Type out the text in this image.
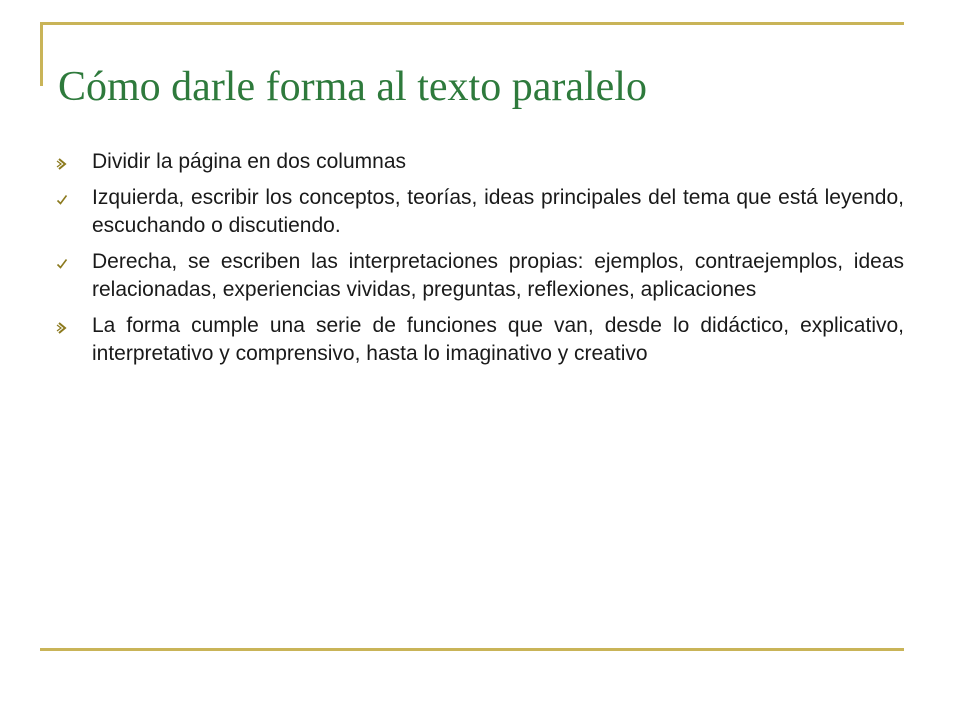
Cómo darle forma al texto paralelo

Dividir la página en dos columnas

Izquierda, escribir los conceptos, teorías, ideas principales del tema que está leyendo, escuchando o discutiendo.

Derecha, se escriben las interpretaciones propias: ejemplos, contraejemplos, ideas relacionadas, experiencias vividas, preguntas, reflexiones, aplicaciones

La forma cumple una serie de funciones que van, desde lo didáctico, explicativo, interpretativo y comprensivo, hasta lo imaginativo y creativo
